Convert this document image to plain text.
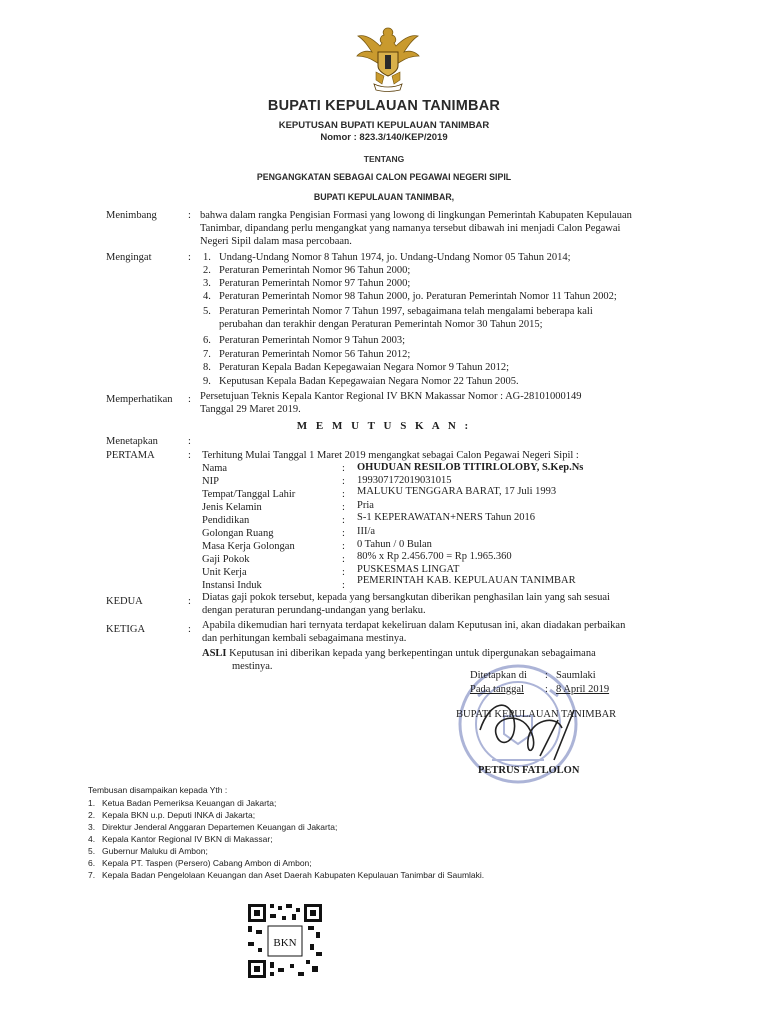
BUPATI KEPULAUAN TANIMBAR
KEPUTUSAN BUPATI KEPULAUAN TANIMBAR
Nomor : 823.3/140/KEP/2019
TENTANG
PENGANGKATAN SEBAGAI CALON PEGAWAI NEGERI SIPIL
BUPATI KEPULAUAN TANIMBAR,
Menimbang	: bahwa dalam rangka Pengisian Formasi yang lowong di lingkungan Pemerintah Kabupaten Kepulauan
Tanimbar, dipandang perlu mengangkat yang namanya tersebut dibawah ini menjadi Calon Pegawai
Negeri Sipil dalam masa percobaan.
Mengingat	: 1. Undang-Undang Nomor 8 Tahun 1974, jo. Undang-Undang Nomor 05 Tahun 2014;
2. Peraturan Pemerintah Nomor 96 Tahun 2000;
3. Peraturan Pemerintah Nomor 97 Tahun 2000;
4. Peraturan Pemerintah Nomor 98 Tahun 2000, jo. Peraturan Pemerintah Nomor 11 Tahun 2002;
5. Peraturan Pemerintah Nomor 7 Tahun 1997, sebagaimana telah mengalami beberapa kali
perubahan dan terakhir dengan Peraturan Pemerintah Nomor 30 Tahun 2015;
6. Peraturan Pemerintah Nomor 9 Tahun 2003;
7. Peraturan Pemerintah Nomor 56 Tahun 2012;
8. Peraturan Kepala Badan Kepegawaian Negara Nomor 9 Tahun 2012;
9. Keputusan Kepala Badan Kepegawaian Negara Nomor 22 Tahun 2005.
Memperhatikan : Persetujuan Teknis Kepala Kantor Regional IV BKN Makassar Nomor : AG-28101000149
Tanggal 29 Maret 2019.
M E M U T U S K A N :
Menetapkan	:
PERTAMA	: Terhitung Mulai Tanggal 1 Maret 2019 mengangkat sebagai Calon Pegawai Negeri Sipil :
Nama	: OHUDUAN RESILOB TITIRLOLOBY, S.Kep.Ns
NIP	: 199307172019031015
Tempat/Tanggal Lahir	: MALUKU TENGGARA BARAT, 17 Juli 1993
Jenis Kelamin	: Pria
Pendidikan	: S-1 KEPERAWATAN+NERS Tahun 2016
Golongan Ruang	: III/a
Masa Kerja Golongan	: 0 Tahun / 0 Bulan
Gaji Pokok	: 80% x Rp 2.456.700 = Rp 1.965.360
Unit Kerja	: PUSKESMAS LINGAT
Instansi Induk	: PEMERINTAH KAB. KEPULAUAN TANIMBAR
KEDUA	: Diatas gaji pokok tersebut, kepada yang bersangkutan diberikan penghasilan lain yang sah sesuai
dengan peraturan perundang-undangan yang berlaku.
KETIGA	: Apabila dikemudian hari ternyata terdapat kekeliruan dalam Keputusan ini, akan diadakan perbaikan
dan perhitungan kembali sebagaimana mestinya.
ASLI Keputusan ini diberikan kepada yang berkepentingan untuk dipergunakan sebagaimana
mestinya.
Ditetapkan di : Saumlaki
Pada tanggal : 8 April 2019
BUPATI KEPULAUAN TANIMBAR
PETRUS FATLOLON
Tembusan disampaikan kepada Yth :
1. Ketua Badan Pemeriksa Keuangan di Jakarta;
2. Kepala BKN u.p. Deputi INKA di Jakarta;
3. Direktur Jenderal Anggaran Departemen Keuangan di Jakarta;
4. Kepala Kantor Regional IV BKN di Makassar;
5. Gubernur Maluku di Ambon;
6. Kepala PT. Taspen (Persero) Cabang Ambon di Ambon;
7. Kepala Badan Pengelolaan Keuangan dan Aset Daerah Kabupaten Kepulauan Tanimbar di Saumlaki.
BKN
